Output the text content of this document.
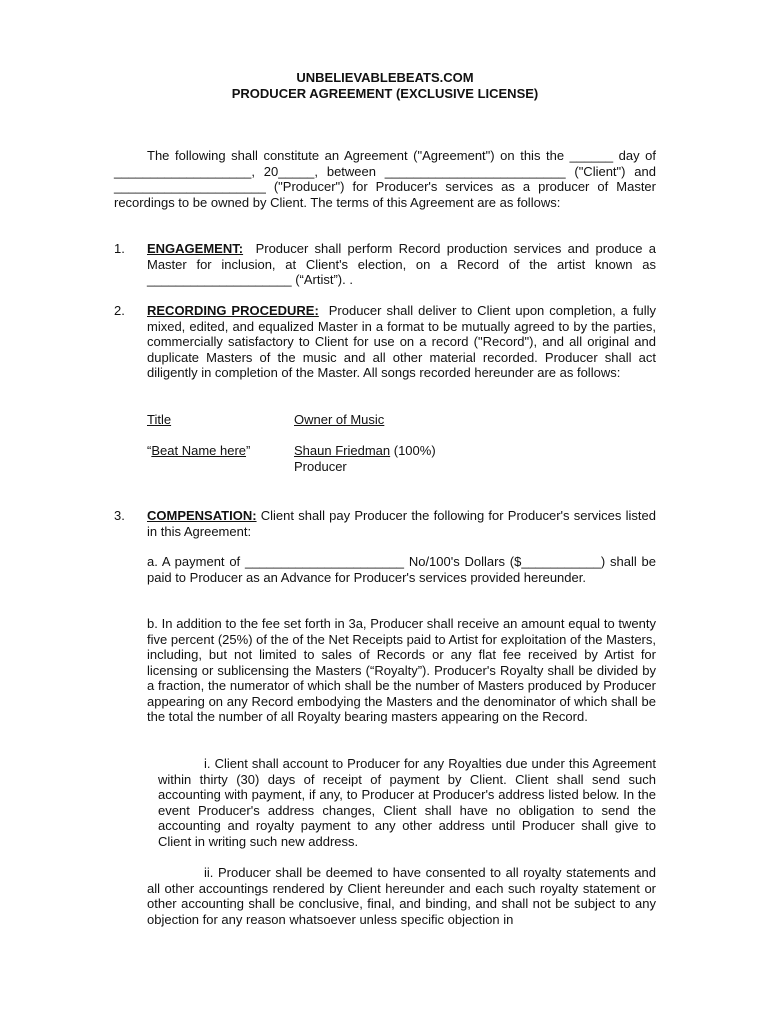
UNBELIEVABLEBEATS.COM
PRODUCER AGREEMENT (EXCLUSIVE LICENSE)
The following shall constitute an Agreement ("Agreement") on this the ______ day of ___________________, 20_____, between _________________________ ("Client") and _____________________ ("Producer") for Producer's services as a producer of Master recordings to be owned by Client. The terms of this Agreement are as follows:
1. ENGAGEMENT: Producer shall perform Record production services and produce a Master for inclusion, at Client's election, on a Record of the artist known as ____________________ (“Artist”). .
2. RECORDING PROCEDURE: Producer shall deliver to Client upon completion, a fully mixed, edited, and equalized Master in a format to be mutually agreed to by the parties, commercially satisfactory to Client for use on a record ("Record"), and all original and duplicate Masters of the music and all other material recorded. Producer shall act diligently in completion of the Master. All songs recorded hereunder are as follows:
Title	Owner of Music
“Beat Name here”	Shaun Friedman (100%)
Producer
3. COMPENSATION: Client shall pay Producer the following for Producer's services listed in this Agreement:
a. A payment of ______________________ No/100's Dollars ($___________) shall be paid to Producer as an Advance for Producer's services provided hereunder.
b. In addition to the fee set forth in 3a, Producer shall receive an amount equal to twenty five percent (25%) of the of the Net Receipts paid to Artist for exploitation of the Masters, including, but not limited to sales of Records or any flat fee received by Artist for licensing or sublicensing the Masters (“Royalty”). Producer's Royalty shall be divided by a fraction, the numerator of which shall be the number of Masters produced by Producer appearing on any Record embodying the Masters and the denominator of which shall be the total the number of all Royalty bearing masters appearing on the Record.
i. Client shall account to Producer for any Royalties due under this Agreement within thirty (30) days of receipt of payment by Client. Client shall send such accounting with payment, if any, to Producer at Producer's address listed below. In the event Producer's address changes, Client shall have no obligation to send the accounting and royalty payment to any other address until Producer shall give to Client in writing such new address.
ii. Producer shall be deemed to have consented to all royalty statements and all other accountings rendered by Client hereunder and each such royalty statement or other accounting shall be conclusive, final, and binding, and shall not be subject to any objection for any reason whatsoever unless specific objection in
